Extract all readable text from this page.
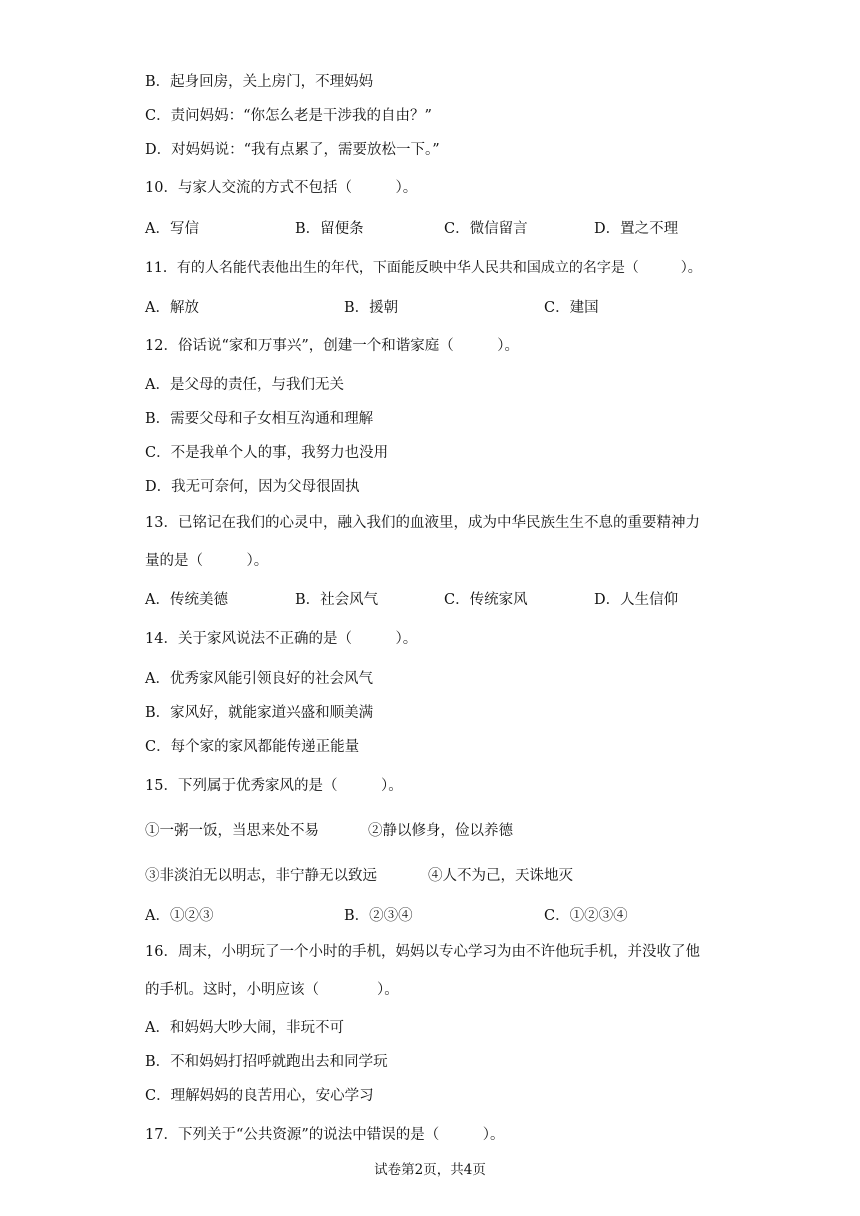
B．起身回房，关上房门，不理妈妈
C．责问妈妈：“你怎么老是干涉我的自由？”
D．对妈妈说：“我有点累了，需要放松一下。”
10．与家人交流的方式不包括（　　　）。
A．写信	B．留便条	C．微信留言	D．置之不理
11．有的人名能代表他出生的年代，下面能反映中华人民共和国成立的名字是（　　　）。
A．解放	B．援朝	C．建国
12．俗话说“家和万事兴”，创建一个和谐家庭（　　　）。
A．是父母的责任，与我们无关
B．需要父母和子女相互沟通和理解
C．不是我单个人的事，我努力也没用
D．我无可奈何，因为父母很固执
13．已铭记在我们的心灵中，融入我们的血液里，成为中华民族生生不息的重要精神力
量的是（　　　）。
A．传统美德	B．社会风气	C．传统家风	D．人生信仰
14．关于家风说法不正确的是（　　　）。
A．优秀家风能引领良好的社会风气
B．家风好，就能家道兴盛和顺美满
C．每个家的家风都能传递正能量
15．下列属于优秀家风的是（　　　）。
①一粥一饭，当思来处不易	②静以修身，俭以养德
③非淡泊无以明志，非宁静无以致远	④人不为己，天诛地灭
A．①②③	B．②③④	C．①②③④
16．周末，小明玩了一个小时的手机，妈妈以专心学习为由不许他玩手机，并没收了他
的手机。这时，小明应该（　　　　）。
A．和妈妈大吵大闹，非玩不可
B．不和妈妈打招呼就跑出去和同学玩
C．理解妈妈的良苦用心，安心学习
17．下列关于“公共资源”的说法中错误的是（　　　）。
试卷第2页，共4页
